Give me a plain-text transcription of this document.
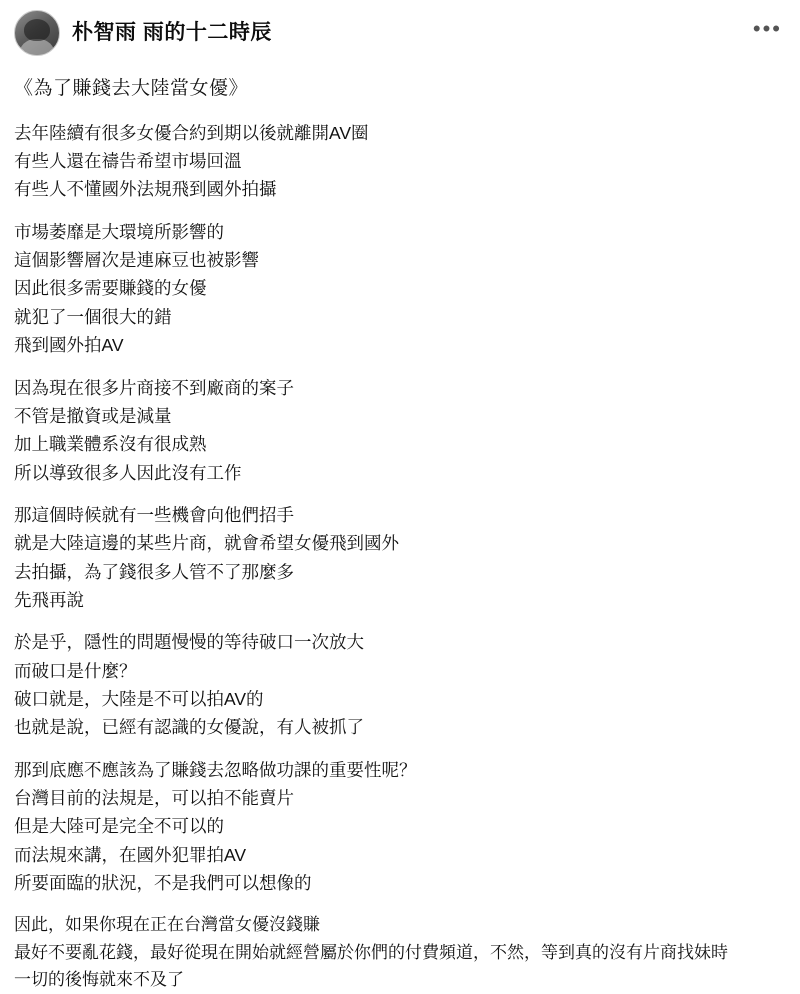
朴智雨 雨的十二時辰	•••
《為了賺錢去大陸當女優》
去年陸續有很多女優合約到期以後就離開AV圈
有些人還在禱告希望市場回溫
有些人不懂國外法規飛到國外拍攝
市場萎靡是大環境所影響的
這個影響層次是連麻豆也被影響
因此很多需要賺錢的女優
就犯了一個很大的錯
飛到國外拍AV
因為現在很多片商接不到廠商的案子
不管是撤資或是減量
加上職業體系沒有很成熟
所以導致很多人因此沒有工作
那這個時候就有一些機會向他們招手
就是大陸這邊的某些片商，就會希望女優飛到國外
去拍攝，為了錢很多人管不了那麼多
先飛再說
於是乎，隱性的問題慢慢的等待破口一次放大
而破口是什麼？
破口就是，大陸是不可以拍AV的
也就是說，已經有認識的女優說，有人被抓了
那到底應不應該為了賺錢去忽略做功課的重要性呢？
台灣目前的法規是，可以拍不能賣片
但是大陸可是完全不可以的
而法規來講，在國外犯罪拍AV
所要面臨的狀況，不是我們可以想像的
因此，如果你現在正在台灣當女優沒錢賺
最好不要亂花錢，最好從現在開始就經營屬於你們的付費頻道，不然，等到真的沒有片商找妹時
一切的後悔就來不及了
